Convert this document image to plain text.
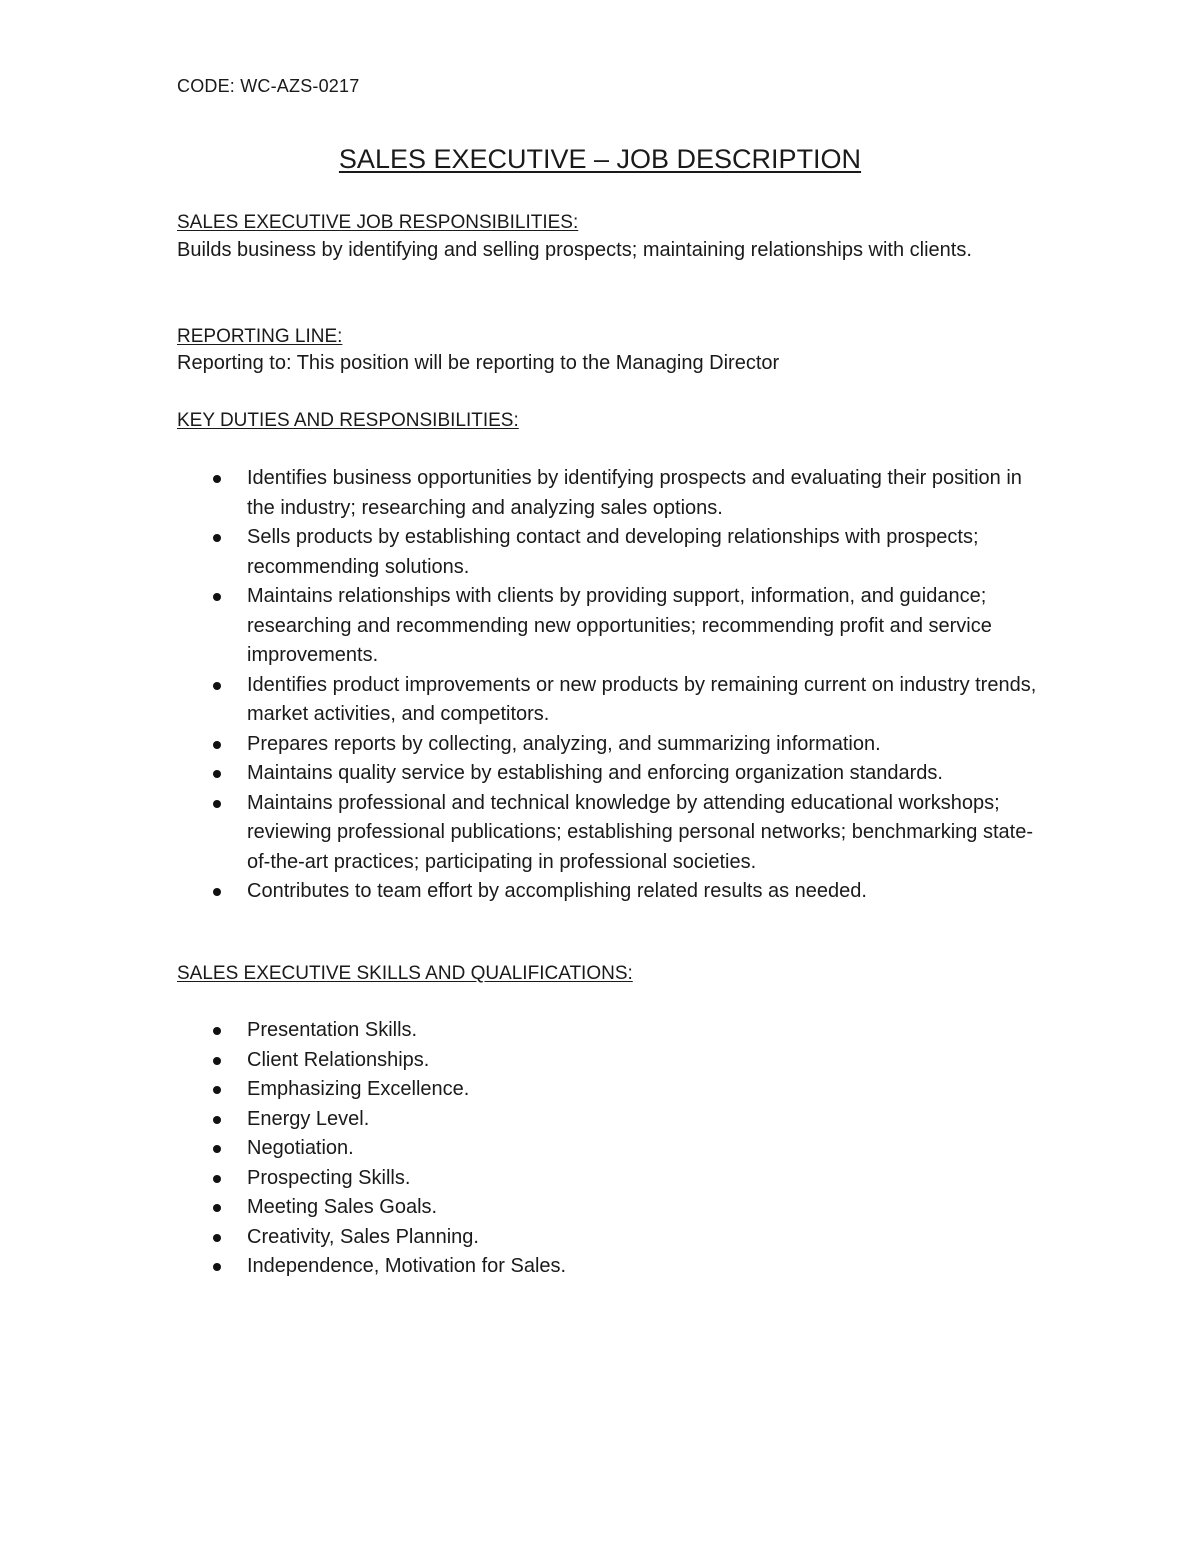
CODE: WC-AZS-0217
SALES EXECUTIVE – JOB DESCRIPTION
SALES EXECUTIVE JOB RESPONSIBILITIES:
Builds business by identifying and selling prospects; maintaining relationships with clients.
REPORTING LINE:
Reporting to: This position will be reporting to the Managing Director
KEY DUTIES AND RESPONSIBILITIES:
Identifies business opportunities by identifying prospects and evaluating their position in the industry; researching and analyzing sales options.
Sells products by establishing contact and developing relationships with prospects; recommending solutions.
Maintains relationships with clients by providing support, information, and guidance; researching and recommending new opportunities; recommending profit and service improvements.
Identifies product improvements or new products by remaining current on industry trends, market activities, and competitors.
Prepares reports by collecting, analyzing, and summarizing information.
Maintains quality service by establishing and enforcing organization standards.
Maintains professional and technical knowledge by attending educational workshops; reviewing professional publications; establishing personal networks; benchmarking state-of-the-art practices; participating in professional societies.
Contributes to team effort by accomplishing related results as needed.
SALES EXECUTIVE SKILLS AND QUALIFICATIONS:
Presentation Skills.
Client Relationships.
Emphasizing Excellence.
Energy Level.
Negotiation.
Prospecting Skills.
Meeting Sales Goals.
Creativity, Sales Planning.
Independence, Motivation for Sales.
